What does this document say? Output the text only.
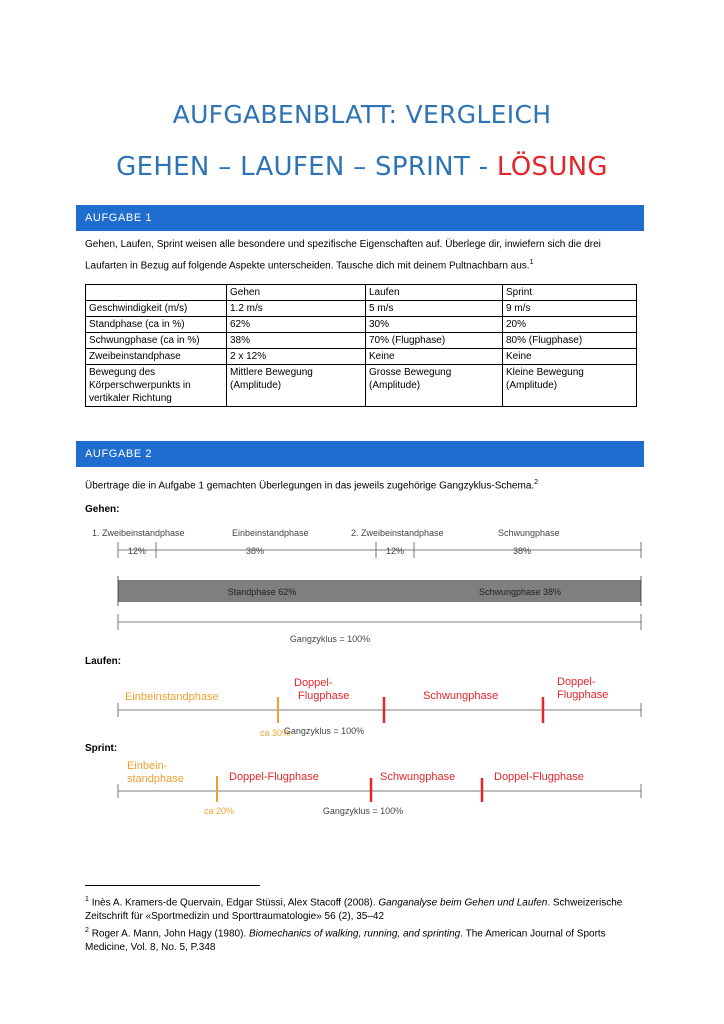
AUFGABENBLATT: VERGLEICH
GEHEN – LAUFEN – SPRINT - LÖSUNG
AUFGABE 1
Gehen, Laufen, Sprint weisen alle besondere und spezifische Eigenschaften auf. Überlege dir, inwiefern sich die drei Laufarten in Bezug auf folgende Aspekte unterscheiden. Tausche dich mit deinem Pultnachbarn aus.$^1$
	Gehen	Laufen	Sprint
Geschwindigkeit (m/s)	1.2 m/s	5 m/s	9 m/s
Standphase (ca in %)	62%	30%	20%
Schwungphase (ca in %)	38%	70% (Flugphase)	80% (Flugphase)
Zweibeinstandphase	2 x 12%	Keine	Keine
Bewegung des Körperschwerpunkts in vertikaler Richtung	Mittlere Bewegung (Amplitude)	Grosse Bewegung (Amplitude)	Kleine Bewegung (Amplitude)
AUFGABE 2
Übertrage die in Aufgabe 1 gemachten Überlegungen in das jeweils zugehörige Gangzyklus-Schema.$^2$
Gehen:
1. Zweibeinstandphase	Einbeinstandphase	2. Zweibeinstandphase	Schwungphase
12%	38%	12%	38%
Standphase 62%	Schwungphase 38%
Gangzyklus = 100%
Laufen:
Einbeinstandphase
Doppel-
Flugphase	Schwungphase
Doppel-
Flugphase
ca 30%
Gangzyklus = 100%
Sprint:
Einbein-
standphase	Doppel-Flugphase	Schwungphase	Doppel-Flugphase
ca 20%	Gangzyklus = 100%
$^1$ Inès A. Kramers-de Quervain, Edgar Stüssi, Alex Stacoff (2008). Ganganalyse beim Gehen und Laufen. Schweizerische Zeitschrift für «Sportmedizin und Sporttraumatologie» 56 (2), 35–42
$^2$ Roger A. Mann, John Hagy (1980). Biomechanics of walking, running, and sprinting. The American Journal of Sports Medicine, Vol. 8, No. 5, P.348
